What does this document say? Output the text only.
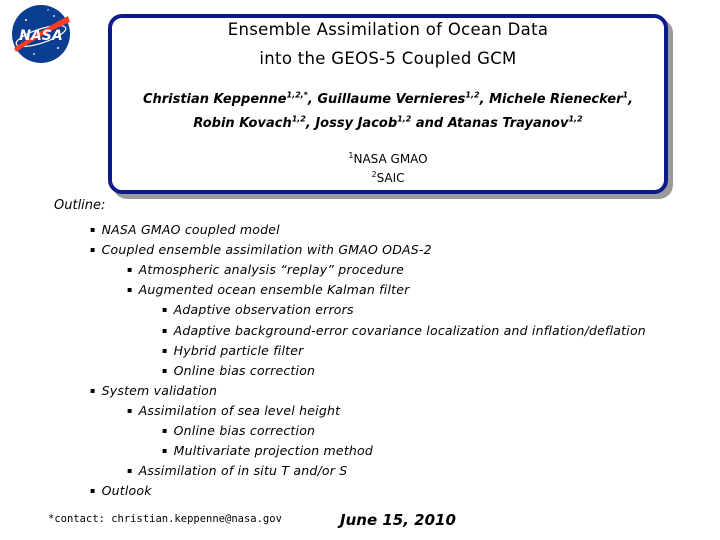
NASA	Ensemble Assimilation of Ocean Data
into the GEOS-5 Coupled GCM
Christian Keppenne$^{1,2,*}$, Guillaume Vernieres$^{1,2}$, Michele Rienecker$^1$,
Robin Kovach$^{1,2}$, Jossy Jacob$^{1,2}$ and Atanas Trayanov$^{1,2}$
$^1$NASA GMAO
$^2$SAIC
Outline:
▪ NASA GMAO coupled model
▪ Coupled ensemble assimilation with GMAO ODAS-2
▪ Atmospheric analysis “replay” procedure
▪ Augmented ocean ensemble Kalman filter
▪ Adaptive observation errors
▪ Adaptive background-error covariance localization and inflation/deflation
▪ Hybrid particle filter
▪ Online bias correction
▪ System validation
▪ Assimilation of sea level height
▪ Online bias correction
▪ Multivariate projection method
▪ Assimilation of in situ T and/or S
▪ Outlook
*contact: christian.keppenne@nasa.gov	June 15, 2010
